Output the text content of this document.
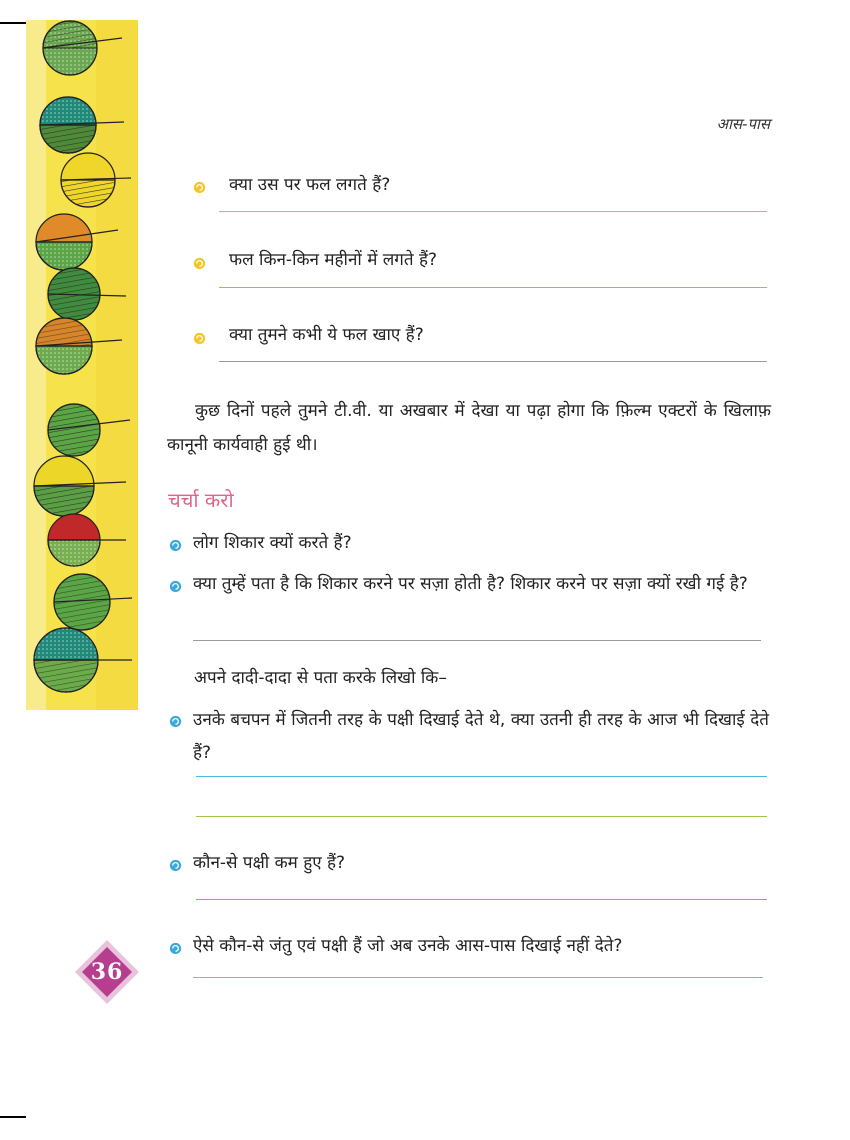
आस-पास
क्या उस पर फल लगते हैं?
फल किन-किन महीनों में लगते हैं?
क्या तुमने कभी ये फल खाए हैं?
कुछ दिनों पहले तुमने टी.वी. या अखबार में देखा या पढ़ा होगा कि फ़िल्म एक्टरों के खिलाफ़ कानूनी कार्यवाही हुई थी।
चर्चा करो
लोग शिकार क्यों करते हैं?
क्या तुम्हें पता है कि शिकार करने पर सज़ा होती है? शिकार करने पर सज़ा क्यों रखी गई है?
अपने दादी-दादा से पता करके लिखो कि–
उनके बचपन में जितनी तरह के पक्षी दिखाई देते थे, क्या उतनी ही तरह के आज भी दिखाई देते हैं?
कौन-से पक्षी कम हुए हैं?
ऐसे कौन-से जंतु एवं पक्षी हैं जो अब उनके आस-पास दिखाई नहीं देते?
36
